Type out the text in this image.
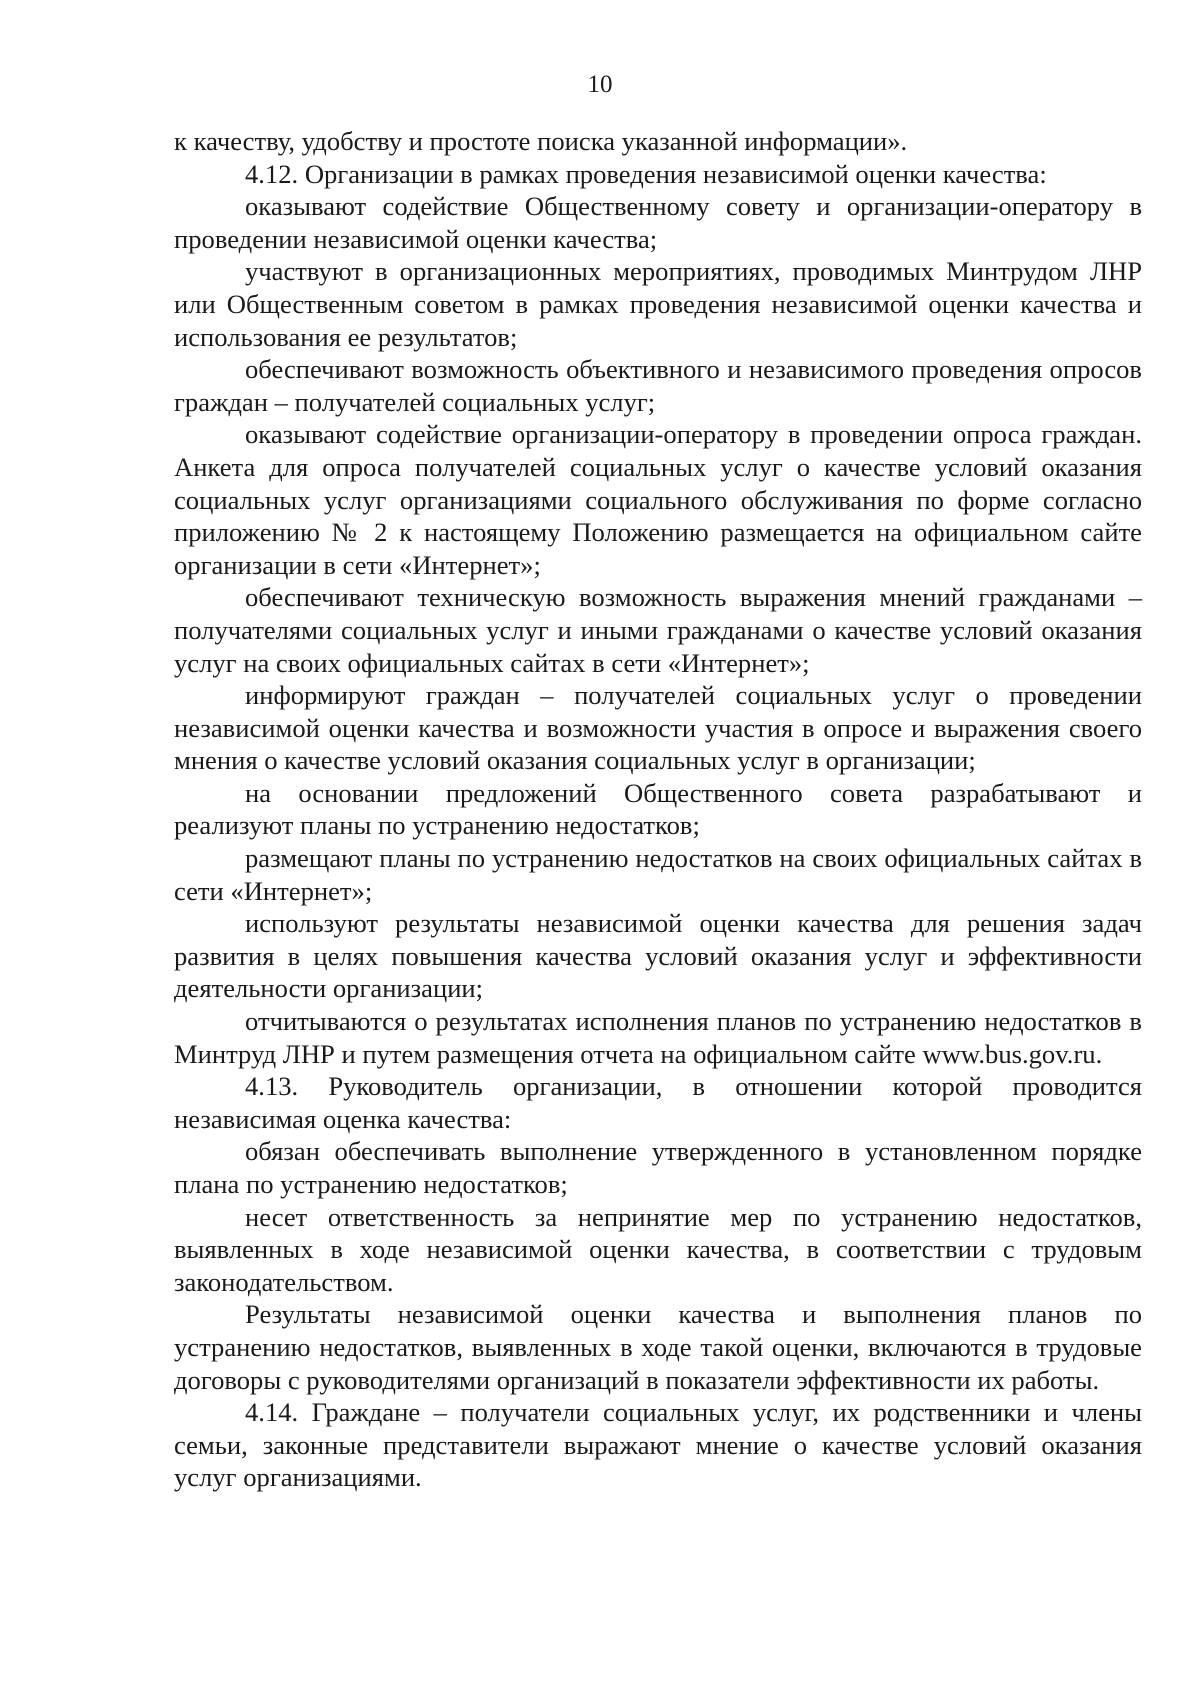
10

к качеству, удобству и простоте поиска указанной информации».

4.12. Организации в рамках проведения независимой оценки качества:

оказывают содействие Общественному совету и организации-оператору в проведении независимой оценки качества;

участвуют в организационных мероприятиях, проводимых Минтрудом ЛНР или Общественным советом в рамках проведения независимой оценки качества и использования ее результатов;

обеспечивают возможность объективного и независимого проведения опросов граждан – получателей социальных услуг;

оказывают содействие организации-оператору в проведении опроса граждан. Анкета для опроса получателей социальных услуг о качестве условий оказания социальных услуг организациями социального обслуживания по форме согласно приложению № 2 к настоящему Положению размещается на официальном сайте организации в сети «Интернет»;

обеспечивают техническую возможность выражения мнений гражданами – получателями социальных услуг и иными гражданами о качестве условий оказания услуг на своих официальных сайтах в сети «Интернет»;

информируют граждан – получателей социальных услуг о проведении независимой оценки качества и возможности участия в опросе и выражения своего мнения о качестве условий оказания социальных услуг в организации;

на основании предложений Общественного совета разрабатывают и реализуют планы по устранению недостатков;

размещают планы по устранению недостатков на своих официальных сайтах в сети «Интернет»;

используют результаты независимой оценки качества для решения задач развития в целях повышения качества условий оказания услуг и эффективности деятельности организации;

отчитываются о результатах исполнения планов по устранению недостатков в Минтруд ЛНР и путем размещения отчета на официальном сайте www.bus.gov.ru.

4.13. Руководитель организации, в отношении которой проводится независимая оценка качества:

обязан обеспечивать выполнение утвержденного в установленном порядке плана по устранению недостатков;

несет ответственность за непринятие мер по устранению недостатков, выявленных в ходе независимой оценки качества, в соответствии с трудовым законодательством.

Результаты независимой оценки качества и выполнения планов по устранению недостатков, выявленных в ходе такой оценки, включаются в трудовые договоры с руководителями организаций в показатели эффективности их работы.

4.14. Граждане – получатели социальных услуг, их родственники и члены семьи, законные представители выражают мнение о качестве условий оказания услуг организациями.
